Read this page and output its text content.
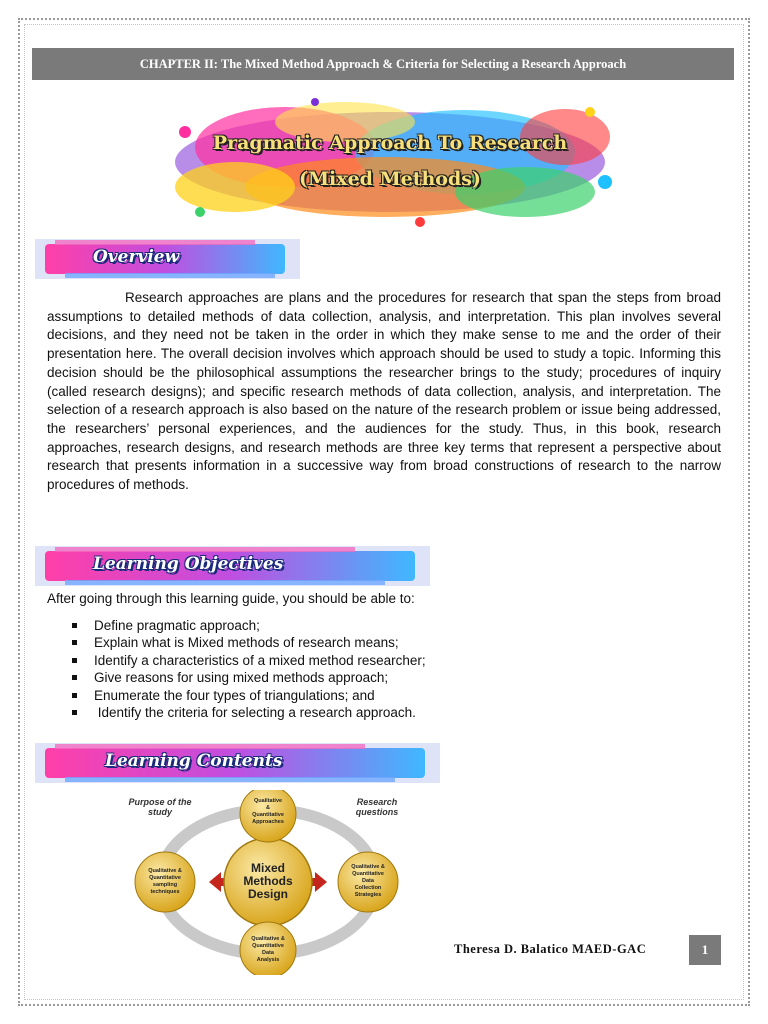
CHAPTER II: The Mixed Method Approach & Criteria for Selecting a Research Approach
Pragmatic Approach To Research
(Mixed Methods)
Overview
Research approaches are plans and the procedures for research that span the steps from broad assumptions to detailed methods of data collection, analysis, and interpretation. This plan involves several decisions, and they need not be taken in the order in which they make sense to me and the order of their presentation here. The overall decision involves which approach should be used to study a topic. Informing this decision should be the philosophical assumptions the researcher brings to the study; procedures of inquiry (called research designs); and specific research methods of data collection, analysis, and interpretation. The selection of a research approach is also based on the nature of the research problem or issue being addressed, the researchers’ personal experiences, and the audiences for the study. Thus, in this book, research approaches, research designs, and research methods are three key terms that represent a perspective about research that presents information in a successive way from broad constructions of research to the narrow procedures of methods.
Learning Objectives
After going through this learning guide, you should be able to:
Define pragmatic approach;
Explain what is Mixed methods of research means;
Identify a characteristics of a mixed method researcher;
Give reasons for using mixed methods approach;
Enumerate the four types of triangulations; and
Identify the criteria for selecting a research approach.
Learning Contents
Mixed
Methods
Design
Qualitative
&
Quantitative
Approaches
Qualitative &
Quantitative
Data
Collection
Strategies
Qualitative &
Quantitative
Data
Analysis
Qualitative &
Quantitative
sampling
techniques
Purpose of the
study
Research
questions
Theresa D. Balatico MAED-GAC	1
